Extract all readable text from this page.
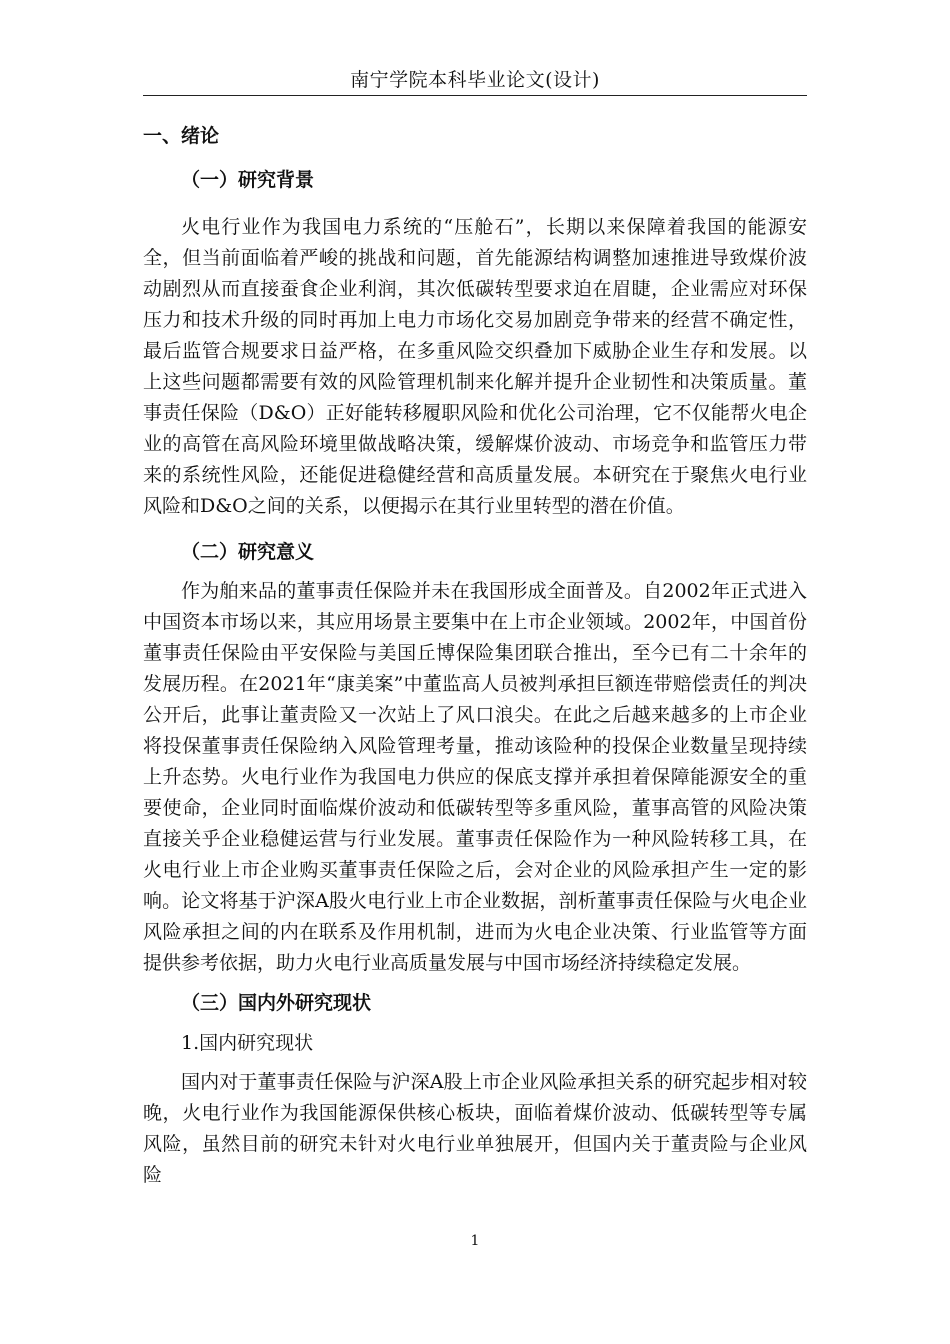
南宁学院本科毕业论文(设计)
一、绪论
（一）研究背景

火电行业作为我国电力系统的“压舱石”，长期以来保障着我国的能源安全，但当前面临着严峻的挑战和问题，首先能源结构调整加速推进导致煤价波动剧烈从而直接蚕食企业利润，其次低碳转型要求迫在眉睫，企业需应对环保压力和技术升级的同时再加上电力市场化交易加剧竞争带来的经营不确定性，最后监管合规要求日益严格，在多重风险交织叠加下威胁企业生存和发展。以上这些问题都需要有效的风险管理机制来化解并提升企业韧性和决策质量。董事责任保险（D&O）正好能转移履职风险和优化公司治理，它不仅能帮火电企业的高管在高风险环境里做战略决策，缓解煤价波动、市场竞争和监管压力带来的系统性风险，还能促进稳健经营和高质量发展。本研究在于聚焦火电行业风险和D&O之间的关系，以便揭示在其行业里转型的潜在价值。

（二）研究意义

作为舶来品的董事责任保险并未在我国形成全面普及。自2002年正式进入中国资本市场以来，其应用场景主要集中在上市企业领域。2002年，中国首份董事责任保险由平安保险与美国丘博保险集团联合推出，至今已有二十余年的发展历程。在2021年“康美案”中董监高人员被判承担巨额连带赔偿责任的判决公开后，此事让董责险又一次站上了风口浪尖。在此之后越来越多的上市企业将投保董事责任保险纳入风险管理考量，推动该险种的投保企业数量呈现持续上升态势。火电行业作为我国电力供应的保底支撑并承担着保障能源安全的重要使命，企业同时面临煤价波动和低碳转型等多重风险，董事高管的风险决策直接关乎企业稳健运营与行业发展。董事责任保险作为一种风险转移工具，在火电行业上市企业购买董事责任保险之后，会对企业的风险承担产生一定的影响。论文将基于沪深A股火电行业上市企业数据，剖析董事责任保险与火电企业风险承担之间的内在联系及作用机制，进而为火电企业决策、行业监管等方面提供参考依据，助力火电行业高质量发展与中国市场经济持续稳定发展。

（三）国内外研究现状
1.国内研究现状

国内对于董事责任保险与沪深A股上市企业风险承担关系的研究起步相对较晚，火电行业作为我国能源保供核心板块，面临着煤价波动、低碳转型等专属风险，虽然目前的研究未针对火电行业单独展开，但国内关于董责险与企业风险

1
